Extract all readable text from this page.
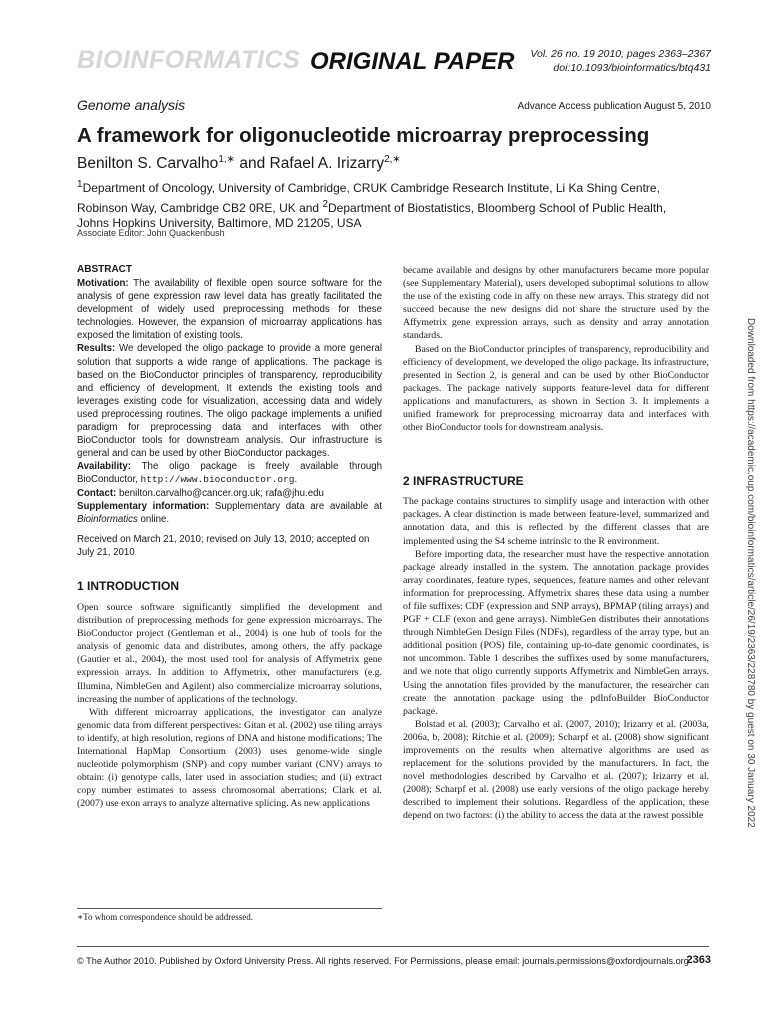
BIOINFORMATICS ORIGINAL PAPER Vol. 26 no. 19 2010, pages 2363–2367
doi:10.1093/bioinformatics/btq431
Genome analysis	Advance Access publication August 5, 2010
A framework for oligonucleotide microarray preprocessing
Benilton S. Carvalho$^{1,∗}$ and Rafael A. Irizarry$^{2,∗}$
$^1$Department of Oncology, University of Cambridge, CRUK Cambridge Research Institute, Li Ka Shing Centre, Robinson Way, Cambridge CB2 0RE, UK and $^2$Department of Biostatistics, Bloomberg School of Public Health, Johns Hopkins University, Baltimore, MD 21205, USA
Associate Editor: John Quackenbush
ABSTRACT

Motivation: The availability of flexible open source software for the analysis of gene expression raw level data has greatly facilitated the development of widely used preprocessing methods for these technologies. However, the expansion of microarray applications has exposed the limitation of existing tools.

Results: We developed the oligo package to provide a more general solution that supports a wide range of applications. The package is based on the BioConductor principles of transparency, reproducibility and efficiency of development. It extends the existing tools and leverages existing code for visualization, accessing data and widely used preprocessing routines. The oligo package implements a unified paradigm for preprocessing data and interfaces with other BioConductor tools for downstream analysis. Our infrastructure is general and can be used by other BioConductor packages.

Availability: The oligo package is freely available through BioConductor, http://www.bioconductor.org.

Contact: benilton.carvalho@cancer.org.uk; rafa@jhu.edu

Supplementary information: Supplementary data are available at Bioinformatics online.

Received on March 21, 2010; revised on July 13, 2010; accepted on July 21, 2010

1 INTRODUCTION

Open source software significantly simplified the development and distribution of preprocessing methods for gene expression microarrays. The BioConductor project (Gentleman et al., 2004) is one hub of tools for the analysis of genomic data and distributes, among others, the affy package (Gautier et al., 2004), the most used tool for analysis of Affymetrix gene expression arrays. In addition to Affymetrix, other manufacturers (e.g. Illumina, NimbleGen and Agilent) also commercialize microarray solutions, increasing the number of applications of the technology.

With different microarray applications, the investigator can analyze genomic data from different perspectives: Gitan et al. (2002) use tiling arrays to identify, at high resolution, regions of DNA and histone modifications; The International HapMap Consortium (2003) uses genome-wide single nucleotide polymorphism (SNP) and copy number variant (CNV) arrays to obtain: (i) genotype calls, later used in association studies; and (ii) extract copy number estimates to assess chromosomal aberrations; Clark et al. (2007) use exon arrays to analyze alternative splicing. As new applications

became available and designs by other manufacturers became more popular (see Supplementary Material), users developed suboptimal solutions to allow the use of the existing code in affy on these new arrays. This strategy did not succeed because the new designs did not share the structure used by the Affymetrix gene expression arrays, such as density and array annotation standards.

Based on the BioConductor principles of transparency, reproducibility and efficiency of development, we developed the oligo package. Its infrastructure, presented in Section 2, is general and can be used by other BioConductor packages. The package natively supports feature-level data for different applications and manufacturers, as shown in Section 3. It implements a unified framework for preprocessing microarray data and interfaces with other BioConductor tools for downstream analysis.

2 INFRASTRUCTURE

The package contains structures to simplify usage and interaction with other packages. A clear distinction is made between feature-level, summarized and annotation data, and this is reflected by the different classes that are implemented using the S4 scheme intrinsic to the R environment.

Before importing data, the researcher must have the respective annotation package already installed in the system. The annotation package provides array coordinates, feature types, sequences, feature names and other relevant information for preprocessing. Affymetrix shares these data using a number of file suffixes: CDF (expression and SNP arrays), BPMAP (tiling arrays) and PGF + CLF (exon and gene arrays). NimbleGen distributes their annotations through NimbleGen Design Files (NDFs), regardless of the array type, but an additional position (POS) file, containing up-to-date genomic coordinates, is not uncommon. Table 1 describes the suffixes used by some manufacturers, and we note that oligo currently supports Affymetrix and NimbleGen arrays. Using the annotation files provided by the manufacturer, the researcher can create the annotation package using the pdInfoBuilder BioConductor package.

Bolstad et al. (2003); Carvalho et al. (2007, 2010); Irizarry et al. (2003a, 2006a, b, 2008); Ritchie et al. (2009); Scharpf et al. (2008) show significant improvements on the results when alternative algorithms are used as replacement for the solutions provided by the manufacturers. In fact, the novel methodologies described by Carvalho et al. (2007); Irizarry et al. (2008); Scharpf et al. (2008) use early versions of the oligo package hereby described to implement their solutions. Regardless of the application, these depend on two factors: (i) the ability to access the data at the rawest possible

∗To whom correspondence should be addressed.
© The Author 2010. Published by Oxford University Press. All rights reserved. For Permissions, please email: journals.permissions@oxfordjournals.org
2363
Downloaded from https://academic.oup.com/bioinformatics/article/26/19/2363/228780 by guest on 30 January 2022
